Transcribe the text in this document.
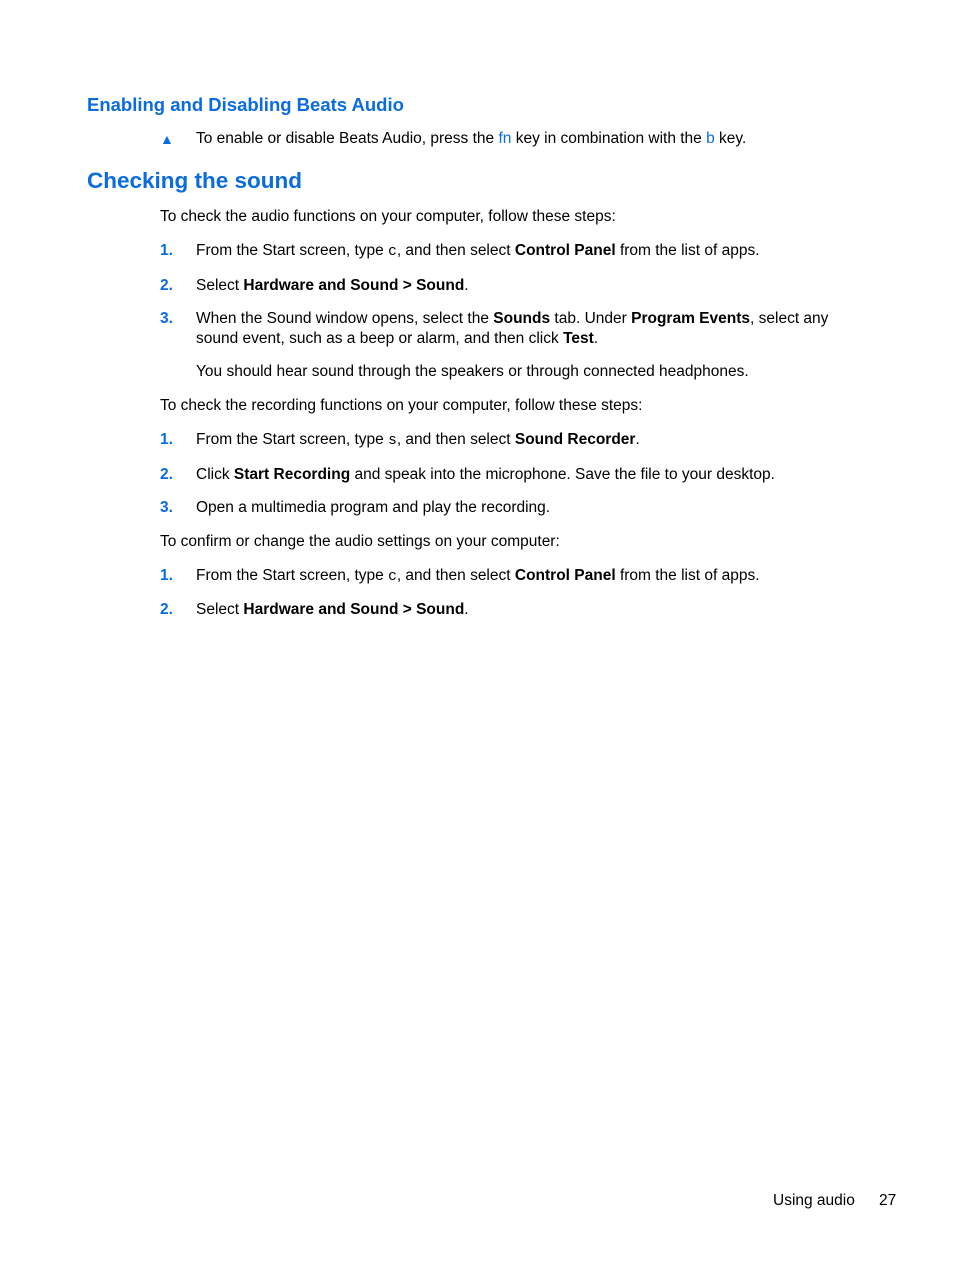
Enabling and Disabling Beats Audio
▲ To enable or disable Beats Audio, press the fn key in combination with the b key.
Checking the sound
To check the audio functions on your computer, follow these steps:
1. From the Start screen, type c, and then select Control Panel from the list of apps.
2. Select Hardware and Sound > Sound.
3. When the Sound window opens, select the Sounds tab. Under Program Events, select any
sound event, such as a beep or alarm, and then click Test.
You should hear sound through the speakers or through connected headphones.
To check the recording functions on your computer, follow these steps:
1. From the Start screen, type s, and then select Sound Recorder.
2. Click Start Recording and speak into the microphone. Save the file to your desktop.
3. Open a multimedia program and play the recording.
To confirm or change the audio settings on your computer:
1. From the Start screen, type c, and then select Control Panel from the list of apps.
2. Select Hardware and Sound > Sound.
Using audio 27
